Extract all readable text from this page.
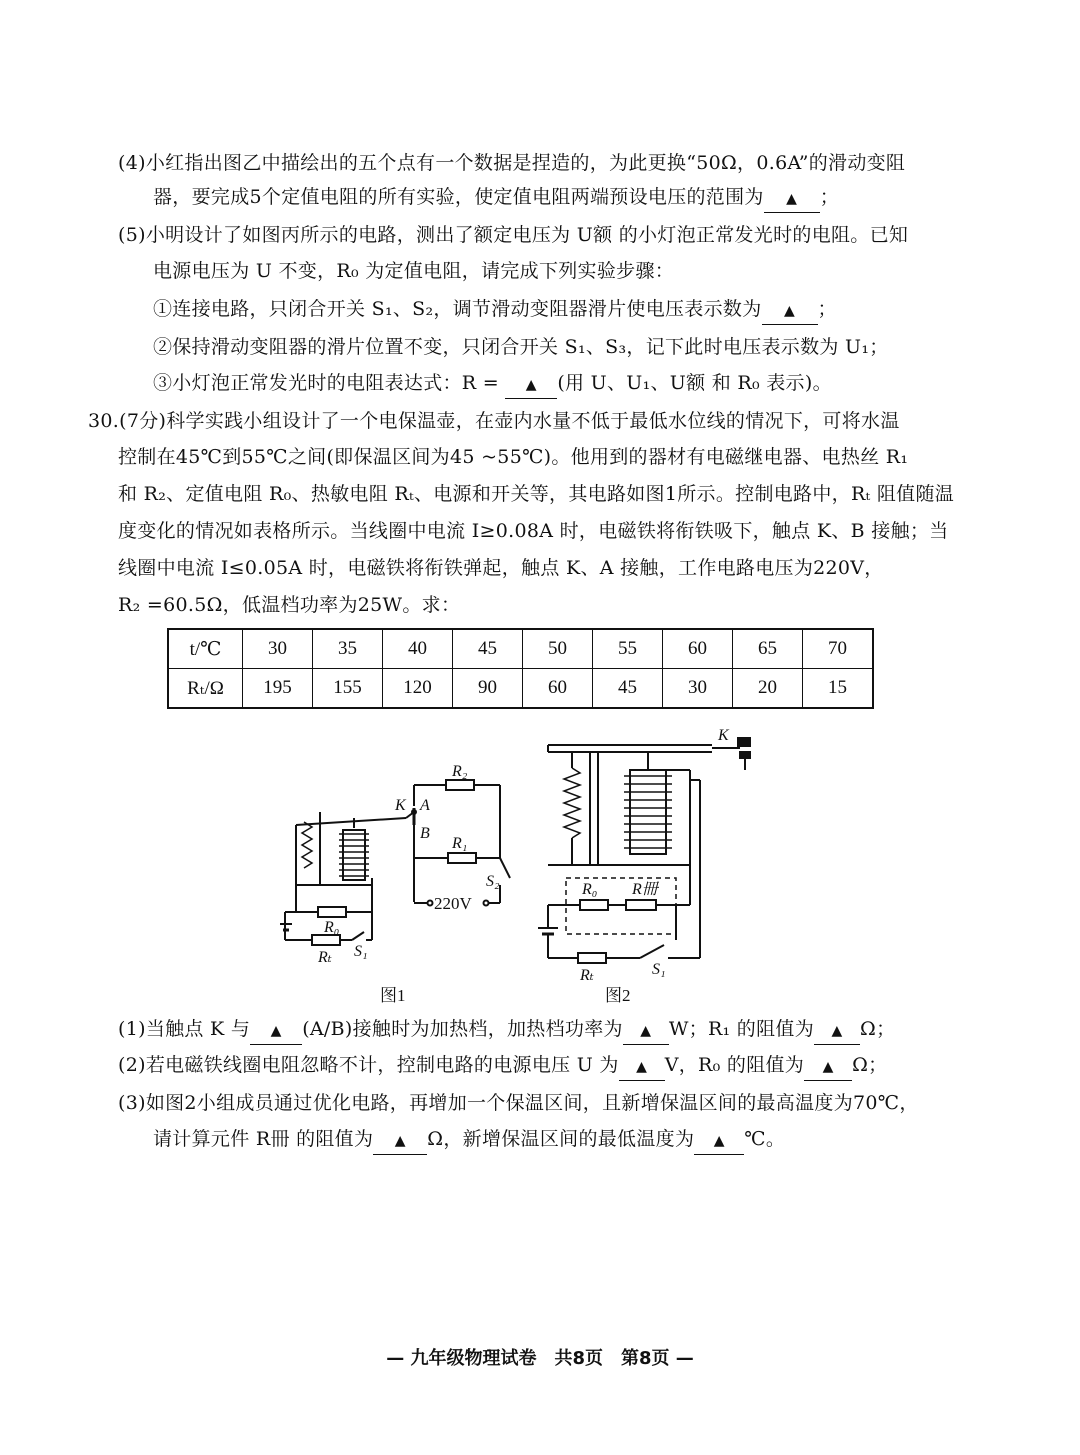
(4)小红指出图乙中描绘出的五个点有一个数据是捏造的，为此更换“50Ω，0.6A”的滑动变阻
器，要完成5个定值电阻的所有实验，使定值电阻两端预设电压的范围为 ▲ ；
(5)小明设计了如图丙所示的电路，测出了额定电压为 U额 的小灯泡正常发光时的电阻。已知
电源电压为 U 不变，R₀ 为定值电阻，请完成下列实验步骤：
①连接电路，只闭合开关 S₁、S₂，调节滑动变阻器滑片使电压表示数为 ▲ ；
②保持滑动变阻器的滑片位置不变，只闭合开关 S₁、S₃，记下此时电压表示数为 U₁；
③小灯泡正常发光时的电阻表达式：R = ▲ (用 U、U₁、U额 和 R₀ 表示)。
30.(7分)科学实践小组设计了一个电保温壶，在壶内水量不低于最低水位线的情况下，可将水温
控制在45℃到55℃之间(即保温区间为45 ~55℃)。他用到的器材有电磁继电器、电热丝 R₁
和 R₂、定值电阻 R₀、热敏电阻 Rₜ、电源和开关等，其电路如图1所示。控制电路中，Rₜ 阻值随温
度变化的情况如表格所示。当线圈中电流 I≥0.08A 时，电磁铁将衔铁吸下，触点 K、B 接触；当
线圈中电流 I≤0.05A 时，电磁铁将衔铁弹起，触点 K、A 接触，工作电路电压为220V，
R₂ =60.5Ω，低温档功率为25W。求：
t/℃	30	35	40	45	50	55	60	65	70
Rₜ/Ω	195	155	120	90	60	45	30	20	15
K A
B
R₂
R₁
S₂
R₀
Rₜ S₁
220V
图1
K
R₀ R冊
Rₜ	S₁
图2
(1)当触点 K 与 ▲ (A/B)接触时为加热档，加热档功率为 ▲ W；R₁ 的阻值为 ▲ Ω；
(2)若电磁铁线圈电阻忽略不计，控制电路的电源电压 U 为 ▲ V，R₀ 的阻值为 ▲ Ω；
(3)如图2小组成员通过优化电路，再增加一个保温区间，且新增保温区间的最高温度为70℃，
请计算元件 R冊 的阻值为 ▲ Ω，新增保温区间的最低温度为 ▲ ℃。
— 九年级物理试卷　共8页　第8页 —
